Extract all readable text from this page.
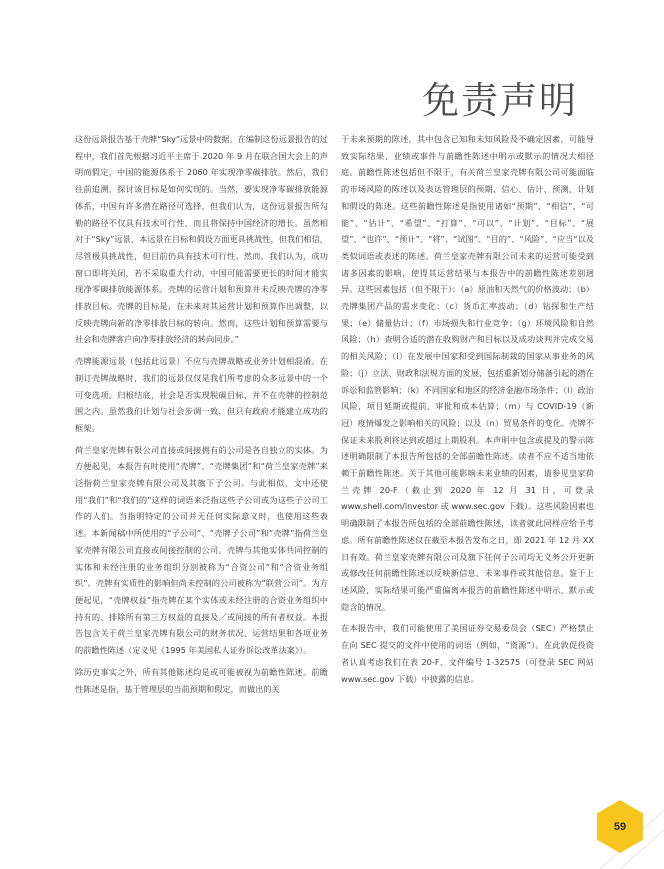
免责声明

这份远景报告基于壳牌“Sky”远景中的数据。在编制这份远景报告的过程中，我们首先根据习近平主席于 2020 年 9 月在联合国大会上的声明而假定，中国的能源体系于 2060 年实现净零碳排放。然后，我们往前追溯，探讨该目标是如何实现的。当然，要实现净零碳排放能源体系，中国有许多潜在路径可选择，但我们认为，这份远景报告所勾勒的路径不仅具有技术可行性，而且将保持中国经济的增长。虽然相对于“Sky”远景，本远景在目标和假设方面更具挑战性，但我们相信，尽管极具挑战性，但目前仍具有技术可行性。然而，我们认为，成功窗口即将关闭，若不采取重大行动，中国可能需要更长的时间才能实现净零碳排放能源体系。壳牌的运营计划和预算并未反映壳牌的净零排放目标。壳牌的目标是，在未来对其运营计划和预算作出调整，以反映壳牌向新的净零排放目标的转向。然而，这些计划和预算需要与社会和壳牌客户向净零排放经济的转向同步。”

壳牌能源远景（包括此远景）不应与壳牌战略或业务计划相混淆。在制订壳牌战略时，我们的远景仅仅是我们所考虑的众多远景中的一个可变选项。归根结底，社会是否实现脱碳目标，并不在壳牌的控制范围之内。虽然我们计划与社会步调一致，但只有政府才能建立成功的框架。

荷兰皇家壳牌有限公司直接或间接拥有的公司是各自独立的实体。为方便起见，本报告有时使用“壳牌”、“壳牌集团”和“荷兰皇家壳牌”来泛指荷兰皇家壳牌有限公司及其旗下子公司。与此相似，文中还使用“我们”和“我们的”这样的词语来泛指这些子公司或为这些子公司工作的人们。当指明特定的公司并无任何实际意义时，也使用这些表述。本新闻稿中所使用的“子公司”、“壳牌子公司”和“壳牌”指荷兰皇家壳牌有限公司直接或间接控制的公司。壳牌与其他实体共同控制的实体和未经注册的业务组织分别被称为“合资公司”和“合资业务组织”。壳牌有实质性的影响但尚未控制的公司被称为“联营公司”。为方便起见，“壳牌权益”指壳牌在某个实体或未经注册的合资业务组织中持有的、排除所有第三方权益的直接及／或间接的所有者权益。本报告包含关于荷兰皇家壳牌有限公司的财务状况、运营结果和各项业务的前瞻性陈述（定义见《1995 年美国私人证券诉讼改革法案》）。

除历史事实之外，所有其他陈述均是或可能被视为前瞻性陈述。前瞻性陈述是指，基于管理层的当前预期和假定，而做出的关

于未来预期的陈述，其中包含已知和未知风险及不确定因素，可能导致实际结果、业绩或事件与前瞻性陈述中明示或默示的情况大相径庭。前瞻性陈述包括但不限于，有关荷兰皇家壳牌有限公司可能面临的市场风险的陈述以及表达管理层的预期、信心、估计、预测、计划和假设的陈述。这些前瞻性陈述是指使用诸如“预期”、“相信”、“可能”、“估计”、“希望”、“打算”、“可以”、“计划”、“目标”、“展望”、“也许”、“预计”、“将”、“试图”、“目的”、“风险”、“应当”以及类似词语或表述的陈述。荷兰皇家壳牌有限公司未来的运营可能受到诸多因素的影响，使得其运营结果与本报告中的前瞻性陈述差别迥异。这些因素包括（但不限于）：（a）原油和天然气的价格波动；（b）壳牌集团产品的需求变化；（c）货币汇率波动；（d）钻探和生产结果；（e）储量估计；（f）市场损失和行业竞争；（g）环境风险和自然风险；（h）查明合适的潜在收购财产和目标以及成功谈判并完成交易的相关风险；（i）在发展中国家和受到国际制裁的国家从事业务的风险；（j）立法、财政和法规方面的发展，包括重新划分储备引起的潜在诉讼和监管影响；（k）不同国家和地区的经济金融市场条件；（l）政治风险，项目延期或提前、审批和成本估算；（m）与 COVID-19（新冠）疫情爆发之影响相关的风险；以及（n）贸易条件的变化。壳牌不保证未来股利将达到或超过上期股利。本声明中包含或提及的警示陈述明确限制了本报告所包括的全部前瞻性陈述。读者不应不适当地依赖于前瞻性陈述。关于其他可能影响未来业绩的因素，请参见皇家荷兰壳牌 20-F（截止到 2020 年 12 月 31 日，可登录 www.shell.com/investor 或 www.sec.gov 下载）。这些风险因素也明确限制了本报告所包括的全部前瞻性陈述，读者就此同样应给予考虑。所有前瞻性陈述仅在截至本报告发布之日，即 2021 年 12 月 XX 日有效。荷兰皇家壳牌有限公司及旗下任何子公司均无义务公开更新或修改任何前瞻性陈述以反映新信息、未来事件或其他信息。鉴于上述风险，实际结果可能严重偏离本报告的前瞻性陈述中明示、默示或隐含的情况。

在本报告中，我们可能使用了美国证券交易委员会（SEC）严格禁止在向 SEC 提交的文件中使用的词语（例如，“资源”）。在此敦促投资者认真考虑我们在表 20-F、文件编号 1-32575（可登录 SEC 网站 www.sec.gov 下载）中披露的信息。

59
